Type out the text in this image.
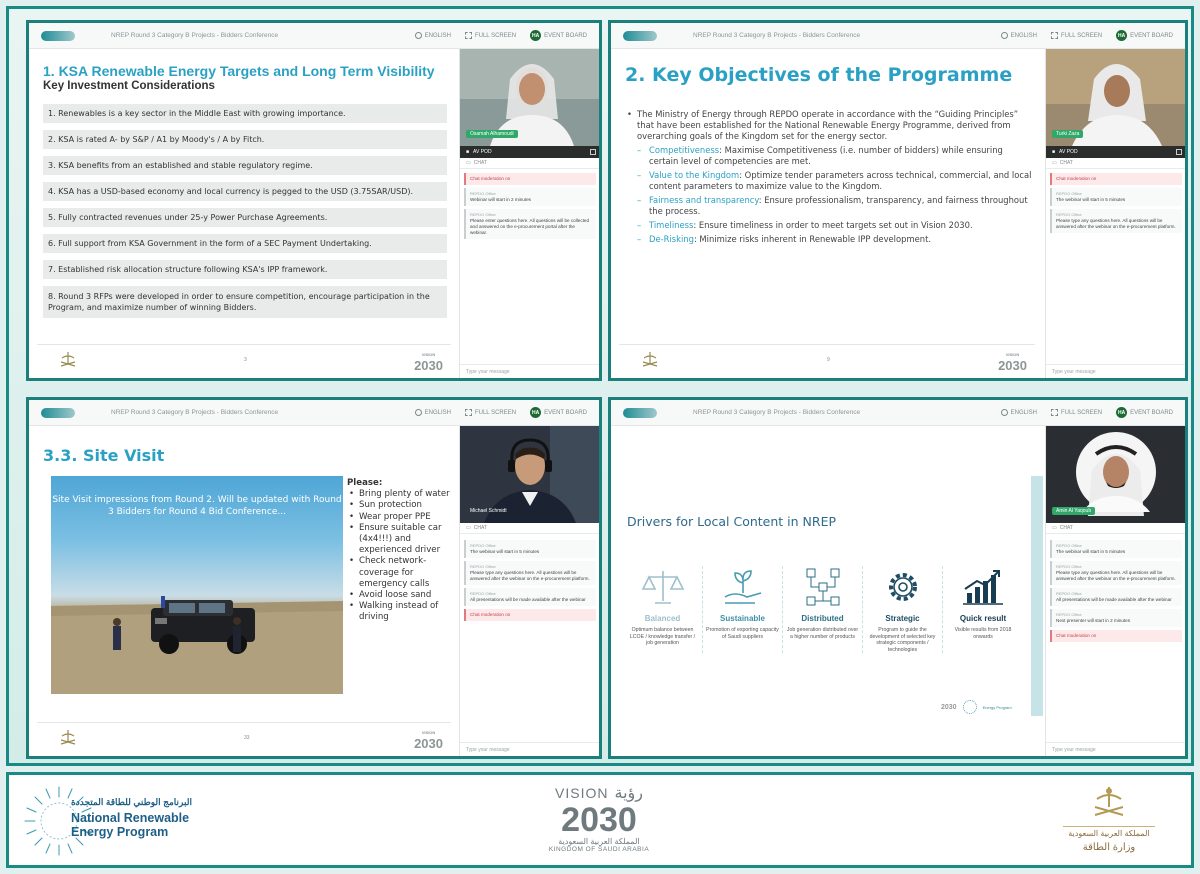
NREP Round 3 Category B Projects - Bidders Conference	ENGLISH	FULL SCREEN	HA EVENT BOARD
1. KSA Renewable Energy Targets and Long Term Visibility
Key Investment Considerations
1. Renewables is a key sector in the Middle East with growing importance.
2. KSA is rated A- by S&P / A1 by Moody's / A by Fitch.
3. KSA benefits from an established and stable regulatory regime.
4. KSA has a USD-based economy and local currency is pegged to the USD (3.75SAR/USD).
5. Fully contracted revenues under 25-y Power Purchase Agreements.
6. Full support from KSA Government in the form of a SEC Payment Undertaking.
7. Established risk allocation structure following KSA's IPP framework.
8. Round 3 RFPs were developed in order to ensure competition, encourage participation in the Program, and maximize number of winning Bidders.
3
VISION
2030
Osamah Alhamoudi
■ AV POD
▭ CHAT
Chat moderation on
REPDO Office
Webinar will start in 2 minutes
REPDO Office
Please enter questions here. All questions will be collected and answered on the e-procurement portal after the webinar.
Type your message
NREP Round 3 Category B Projects - Bidders Conference	ENGLISH	FULL SCREEN	HA EVENT BOARD
2. Key Objectives of the Programme
• The Ministry of Energy through REPDO operate in accordance with the “Guiding Principles” that have been established for the National Renewable Energy Programme, derived from overarching goals of the Kingdom set for the energy sector.
– Competitiveness: Maximise Competitiveness (i.e. number of bidders) while ensuring certain level of competencies are met.
– Value to the Kingdom: Optimize tender parameters across technical, commercial, and local content parameters to maximize value to the Kingdom.
– Fairness and transparency: Ensure professionalism, transparency, and fairness throughout the process.
– Timeliness: Ensure timeliness in order to meet targets set out in Vision 2030.
– De-Risking: Minimize risks inherent in Renewable IPP development.
9
VISION
2030
Turki Zaza
■ AV POD
▭ CHAT
Chat moderation on
REPDO Office
The webinar will start in 5 minutes
REPDO Office
Please type any questions here. All questions will be answered after the webinar on the e-procurement platform.
Type your message
NREP Round 3 Category B Projects - Bidders Conference	ENGLISH	FULL SCREEN	HA EVENT BOARD
3.3. Site Visit
Site Visit impressions from Round 2. Will be updated with Round 3 Bidders for Round 4 Bid Conference...
Please:
• Bring plenty of water
• Sun protection
• Wear proper PPE
• Ensure suitable car (4x4!!!) and experienced driver
• Check network-coverage for emergency calls
• Avoid loose sand
• Walking instead of driving
33
VISION
2030
Michael Schmidt
▭ CHAT
REPDO Office
The webinar will start in 5 minutes
REPDO Office
Please type any questions here. All questions will be answered after the webinar on the e-procurement platform.
REPDO Office
All presentations will be made available after the webinar
Chat moderation on
Type your message
NREP Round 3 Category B Projects - Bidders Conference	ENGLISH	FULL SCREEN	HA EVENT BOARD
Drivers for Local Content in NREP
Balanced
Optimum balance between LCOE / knowledge transfer / job generation
Sustainable
Promotion of exporting capacity of Saudi suppliers
Distributed
Job generation distributed over a higher number of products
Strategic
Program to guide the development of selected key strategic components / technologies
Quick result
Visible results from 2018 onwards
2030	Energy Program
Amin Al Yaqoub
▭ CHAT
REPDO Office
The webinar will start in 5 minutes
REPDO Office
Please type any questions here. All questions will be answered after the webinar on the e-procurement platform.
REPDO Office
All presentations will be made available after the webinar
REPDO Office
Next presenter will start in 2 minutes
Chat moderation on
Type your message
البرنامج الوطني للطاقة المتجددة
National Renewable
Energy Program
VISION رؤية
2030
المملكة العربية السعودية
KINGDOM OF SAUDI ARABIA
المملكة العربية السعودية
وزارة الطاقة
